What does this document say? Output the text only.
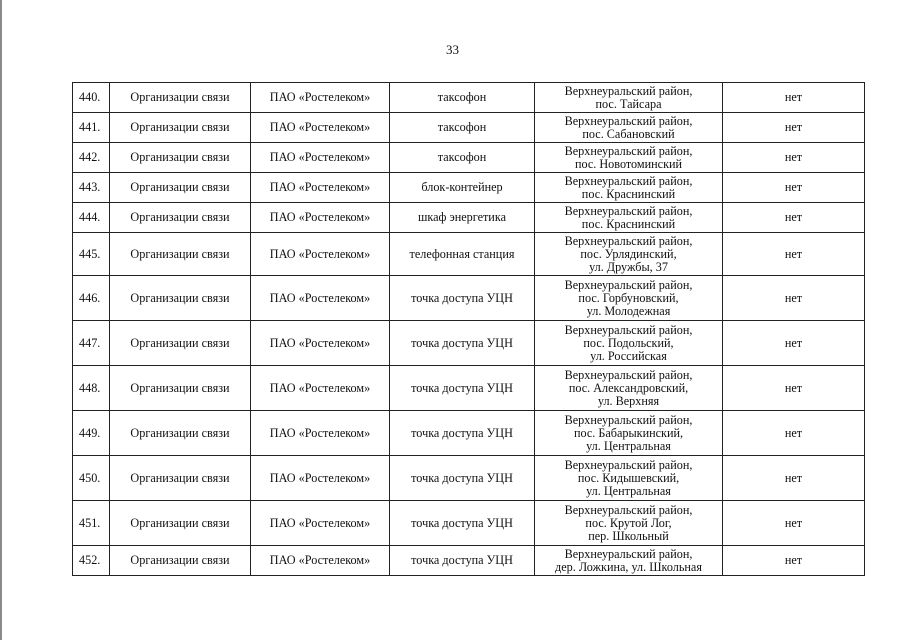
33
440.	Организации связи	ПАО «Ростелеком»	таксофон	Верхнеуральский район,
пос. Тайсара	нет
441.	Организации связи	ПАО «Ростелеком»	таксофон	Верхнеуральский район,
пос. Сабановский	нет
442.	Организации связи	ПАО «Ростелеком»	таксофон	Верхнеуральский район,
пос. Новотоминский	нет
443.	Организации связи	ПАО «Ростелеком»	блок-контейнер	Верхнеуральский район,
пос. Краснинский	нет
444.	Организации связи	ПАО «Ростелеком»	шкаф энергетика	Верхнеуральский район,
пос. Краснинский	нет
445.	Организации связи	ПАО «Ростелеком»	телефонная станция	Верхнеуральский район,
пос. Урлядинский,
ул. Дружбы, 37	нет
446.	Организации связи	ПАО «Ростелеком»	точка доступа УЦН	Верхнеуральский район,
пос. Горбуновский,
ул. Молодежная	нет
447.	Организации связи	ПАО «Ростелеком»	точка доступа УЦН	Верхнеуральский район,
пос. Подольский,
ул. Российская	нет
448.	Организации связи	ПАО «Ростелеком»	точка доступа УЦН	Верхнеуральский район,
пос. Александровский,
ул. Верхняя	нет
449.	Организации связи	ПАО «Ростелеком»	точка доступа УЦН	Верхнеуральский район,
пос. Бабарыкинский,
ул. Центральная	нет
450.	Организации связи	ПАО «Ростелеком»	точка доступа УЦН	Верхнеуральский район,
пос. Кидышевский,
ул. Центральная	нет
451.	Организации связи	ПАО «Ростелеком»	точка доступа УЦН	Верхнеуральский район,
пос. Крутой Лог,
пер. Школьный	нет
452.	Организации связи	ПАО «Ростелеком»	точка доступа УЦН	Верхнеуральский район,
дер. Ложкина, ул. Школьная	нет
